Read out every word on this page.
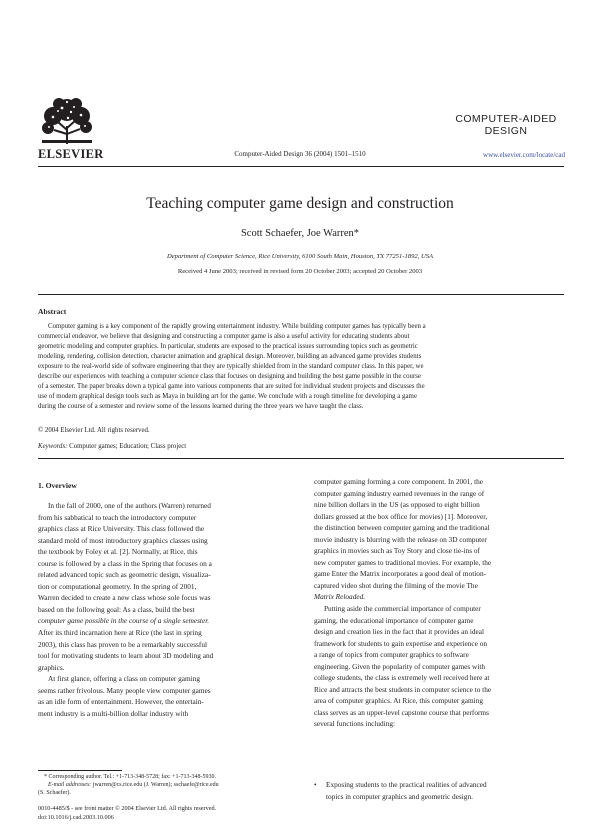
ELSEVIER	Computer-Aided Design 36 (2004) 1501–1510
COMPUTER-AIDED
DESIGN
www.elsevier.com/locate/cad
Teaching computer game design and construction
Scott Schaefer, Joe Warren*
Department of Computer Science, Rice University, 6100 South Main, Houston, TX 77251-1892, USA
Received 4 June 2003; received in revised form 20 October 2003; accepted 20 October 2003
Abstract
Computer gaming is a key component of the rapidly growing entertainment industry. While building computer games has typically been a
commercial endeavor, we believe that designing and constructing a computer game is also a useful activity for educating students about
geometric modeling and computer graphics. In particular, students are exposed to the practical issues surrounding topics such as geometric
modeling, rendering, collision detection, character animation and graphical design. Moreover, building an advanced game provides students
exposure to the real-world side of software engineering that they are typically shielded from in the standard computer class. In this paper, we
describe our experiences with teaching a computer science class that focuses on designing and building the best game possible in the course
of a semester. The paper breaks down a typical game into various components that are suited for individual student projects and discusses the
use of modern graphical design tools such as Maya in building art for the game. We conclude with a rough timeline for developing a game
during the course of a semester and review some of the lessons learned during the three years we have taught the class.
© 2004 Elsevier Ltd. All rights reserved.
Keywords: Computer games; Education; Class project
1. Overview
In the fall of 2000, one of the authors (Warren) returned
from his sabbatical to teach the introductory computer
graphics class at Rice University. This class followed the
standard mold of most introductory graphics classes using
the textbook by Foley et al. [2]. Normally, at Rice, this
course is followed by a class in the Spring that focuses on a
related advanced topic such as geometric design, visualiza-
tion or computational geometry. In the spring of 2001,
Warren decided to create a new class whose sole focus was
based on the following goal: As a class, build the best
computer game possible in the course of a single semester.
After its third incarnation here at Rice (the last in spring
2003), this class has proven to be a remarkably successful
tool for motivating students to learn about 3D modeling and
graphics.
At first glance, offering a class on computer gaming
seems rather frivolous. Many people view computer games
as an idle form of entertainment. However, the entertain-
ment industry is a multi-billion dollar industry with
computer gaming forming a core component. In 2001, the
computer gaming industry earned revenues in the range of
nine billion dollars in the US (as opposed to eight billion
dollars grossed at the box office for movies) [1]. Moreover,
the distinction between computer gaming and the traditional
movie industry is blurring with the release on 3D computer
graphics in movies such as Toy Story and close tie-ins of
new computer games to traditional movies. For example, the
game Enter the Matrix incorporates a good deal of motion-
captured video shot during the filming of the movie The
Matrix Reloaded.
Putting aside the commercial importance of computer
gaming, the educational importance of computer game
design and creation lies in the fact that it provides an ideal
framework for students to gain expertise and experience on
a range of topics from computer graphics to software
engineering. Given the popularity of computer games with
college students, the class is extremely well received here at
Rice and attracts the best students in computer science to the
area of computer graphics. At Rice, this computer gaming
class serves as an upper-level capstone course that performs
several functions including:
•	Exposing students to the practical realities of advanced
topics in computer graphics and geometric design.
* Corresponding author. Tel.: +1-713-348-5728; fax: +1-713-348-5930.
E-mail addresses: jwarren@cs.rice.edu (J. Warren); sschaefe@rice.edu
(S. Schaefer).
0010-4485/$ - see front matter © 2004 Elsevier Ltd. All rights reserved.
doi:10.1016/j.cad.2003.10.006
